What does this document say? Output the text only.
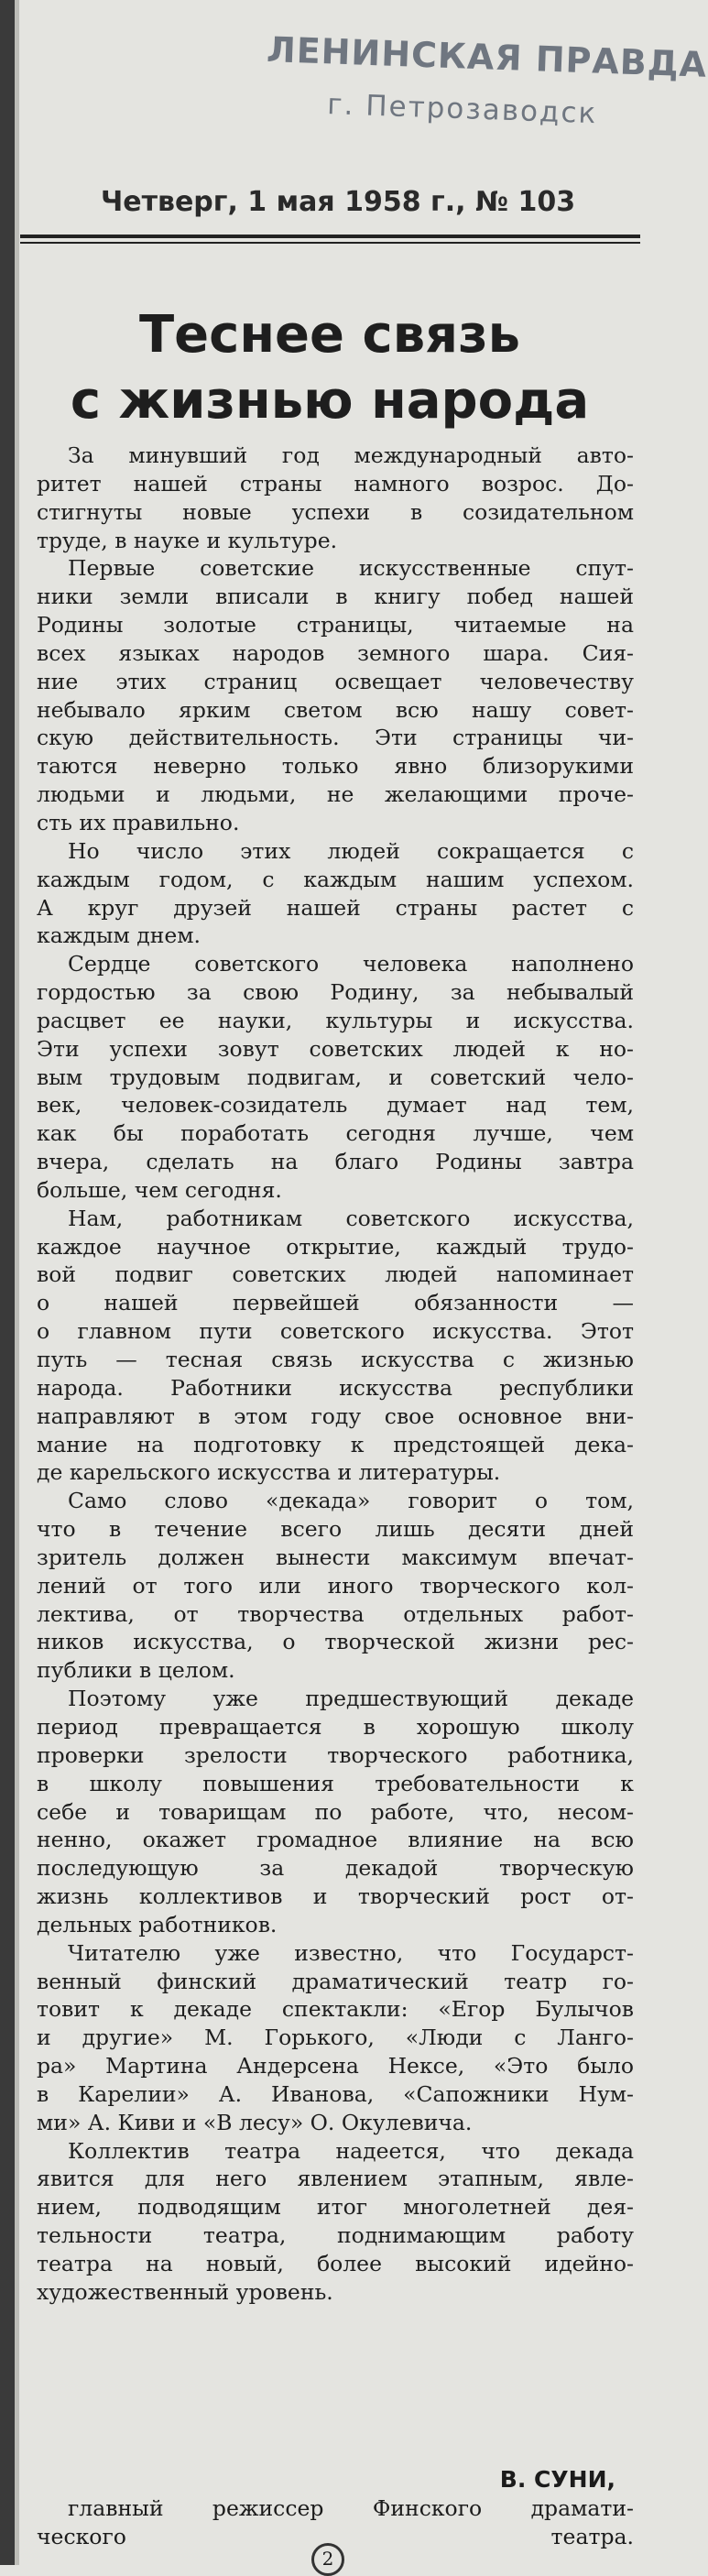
ЛЕНИНСКАЯ ПРАВДА
г. Петрозаводск
Четверг, 1 мая 1958 г., № 103
Теснее связь
с жизнью народа

За минувший год международный авто-
ритет нашей страны намного возрос. До-
стигнуты новые успехи в созидательном
труде, в науке и культуре.

Первые советские искусственные спут-
ники земли вписали в книгу побед нашей
Родины золотые страницы, читаемые на
всех языках народов земного шара. Сия-
ние этих страниц освещает человечеству
небывало ярким светом всю нашу совет-
скую действительность. Эти страницы чи-
таются неверно только явно близорукими
людьми и людьми, не желающими проче-
сть их правильно.

Но число этих людей сокращается с
каждым годом, с каждым нашим успехом.
А круг друзей нашей страны растет с
каждым днем.

Сердце советского человека наполнено
гордостью за свою Родину, за небывалый
расцвет ее науки, культуры и искусства.
Эти успехи зовут советских людей к но-
вым трудовым подвигам, и советский чело-
век, человек-созидатель думает над тем,
как бы поработать сегодня лучше, чем
вчера, сделать на благо Родины завтра
больше, чем сегодня.

Нам, работникам советского искусства,
каждое научное открытие, каждый трудо-
вой подвиг советских людей напоминает
о нашей первейшей обязанности —
о главном пути советского искусства. Этот
путь — тесная связь искусства с жизнью
народа. Работники искусства республики
направляют в этом году свое основное вни-
мание на подготовку к предстоящей дека-
де карельского искусства и литературы.

Само слово «декада» говорит о том,
что в течение всего лишь десяти дней
зритель должен вынести максимум впечат-
лений от того или иного творческого кол-
лектива, от творчества отдельных работ-
ников искусства, о творческой жизни рес-
публики в целом.

Поэтому уже предшествующий декаде
период превращается в хорошую школу
проверки зрелости творческого работника,
в школу повышения требовательности к
себе и товарищам по работе, что, несом-
ненно, окажет громадное влияние на всю
последующую за декадой творческую
жизнь коллективов и творческий рост от-
дельных работников.

Читателю уже известно, что Государст-
венный финский драматический театр го-
товит к декаде спектакли: «Егор Булычов
и другие» М. Горького, «Люди с Ланго-
ра» Мартина Андерсена Нексе, «Это было
в Карелии» А. Иванова, «Сапожники Нум-
ми» А. Киви и «В лесу» О. Окулевича.

Коллектив театра надеется, что декада
явится для него явлением этапным, явле-
нием, подводящим итог многолетней дея-
тельности театра, поднимающим работу
театра на новый, более высокий идейно-
художественный уровень.

В. СУНИ,
главный режиссер Финского драмати-
ческого театра.
2
